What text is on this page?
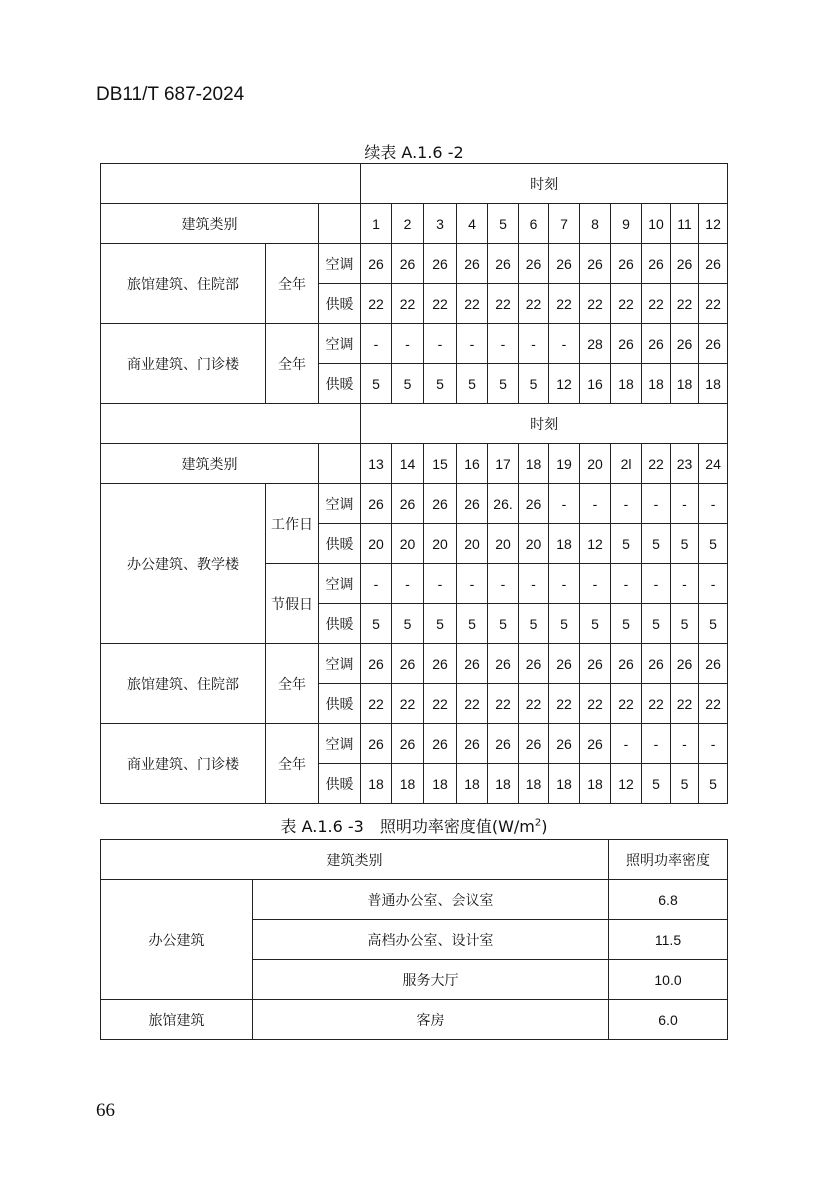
DB11/T 687-2024
续表 A.1.6 -2
			时刻											
建筑类别			1	2	3	4	5	6	7	8	9	10	11	12
旅馆建筑、住院部	全年	空调	26	26	26	26	26	26	26	26	26	26	26	26
		供暖	22	22	22	22	22	22	22	22	22	22	22	22
商业建筑、门诊楼	全年	空调	-	-	-	-	-	-	-	28	26	26	26	26
		供暖	5	5	5	5	5	5	12	16	18	18	18	18
			时刻											
建筑类别			13	14	15	16	17	18	19	20	2l	22	23	24
办公建筑、教学楼	工作日	空调	26	26	26	26	26.	26	-	-	-	-	-	-
		供暖	20	20	20	20	20	20	18	12	5	5	5	5
	节假日	空调	-	-	-	-	-	-	-	-	-	-	-	-
		供暖	5	5	5	5	5	5	5	5	5	5	5	5
旅馆建筑、住院部	全年	空调	26	26	26	26	26	26	26	26	26	26	26	26
		供暖	22	22	22	22	22	22	22	22	22	22	22	22
商业建筑、门诊楼	全年	空调	26	26	26	26	26	26	26	26	-	-	-	-
		供暖	18	18	18	18	18	18	18	18	12	5	5	5
表 A.1.6 -3　照明功率密度值$(W/m^2)$
建筑类别		照明功率密度
办公建筑	普通办公室、会议室	6.8
	高档办公室、设计室	11.5
	服务大厅	10.0
旅馆建筑	客房	6.0
66
